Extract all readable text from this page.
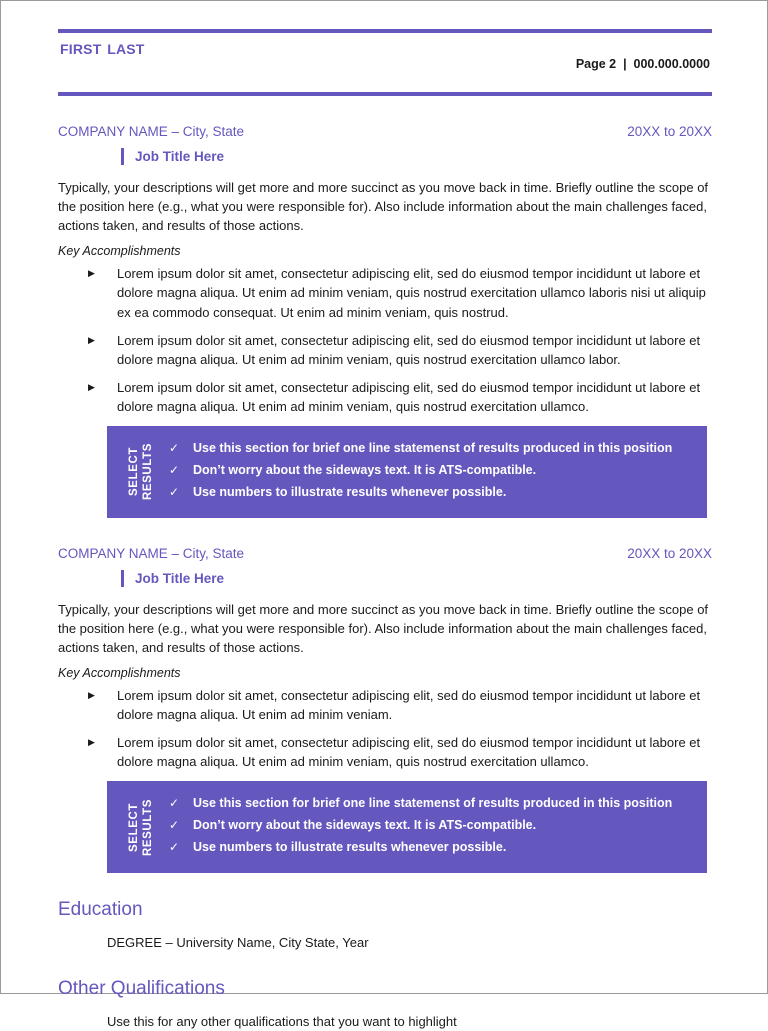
first last

Page 2 | 000.000.0000

COMPANY NAME – City, State	20XX to 20XX
Job Title Here
Typically, your descriptions will get more and more succinct as you move back in time. Briefly outline the scope of the position here (e.g., what you were responsible for). Also include information about the main challenges faced, actions taken, and results of those actions.
Key Accomplishments
▶	Lorem ipsum dolor sit amet, consectetur adipiscing elit, sed do eiusmod tempor incididunt ut labore et dolore magna aliqua. Ut enim ad minim veniam, quis nostrud exercitation ullamco laboris nisi ut aliquip ex ea commodo consequat. Ut enim ad minim veniam, quis nostrud.
▶	Lorem ipsum dolor sit amet, consectetur adipiscing elit, sed do eiusmod tempor incididunt ut labore et dolore magna aliqua. Ut enim ad minim veniam, quis nostrud exercitation ullamco labor.
▶	Lorem ipsum dolor sit amet, consectetur adipiscing elit, sed do eiusmod tempor incididunt ut labore et dolore magna aliqua. Ut enim ad minim veniam, quis nostrud exercitation ullamco.
SELECT RESULTS ✓	Use this section for brief one line statemenst of results produced in this position
✓	Don’t worry about the sideways text. It is ATS-compatible.
✓	Use numbers to illustrate results whenever possible.
COMPANY NAME – City, State	20XX to 20XX
Job Title Here
Typically, your descriptions will get more and more succinct as you move back in time. Briefly outline the scope of the position here (e.g., what you were responsible for). Also include information about the main challenges faced, actions taken, and results of those actions.
Key Accomplishments
▶	Lorem ipsum dolor sit amet, consectetur adipiscing elit, sed do eiusmod tempor incididunt ut labore et dolore magna aliqua. Ut enim ad minim veniam.
▶	Lorem ipsum dolor sit amet, consectetur adipiscing elit, sed do eiusmod tempor incididunt ut labore et dolore magna aliqua. Ut enim ad minim veniam, quis nostrud exercitation ullamco.
SELECT RESULTS ✓	Use this section for brief one line statemenst of results produced in this position
✓	Don’t worry about the sideways text. It is ATS-compatible.
✓	Use numbers to illustrate results whenever possible.
Education
DEGREE – University Name, City State, Year
Other Qualifications
Use this for any other qualifications that you want to highlight
